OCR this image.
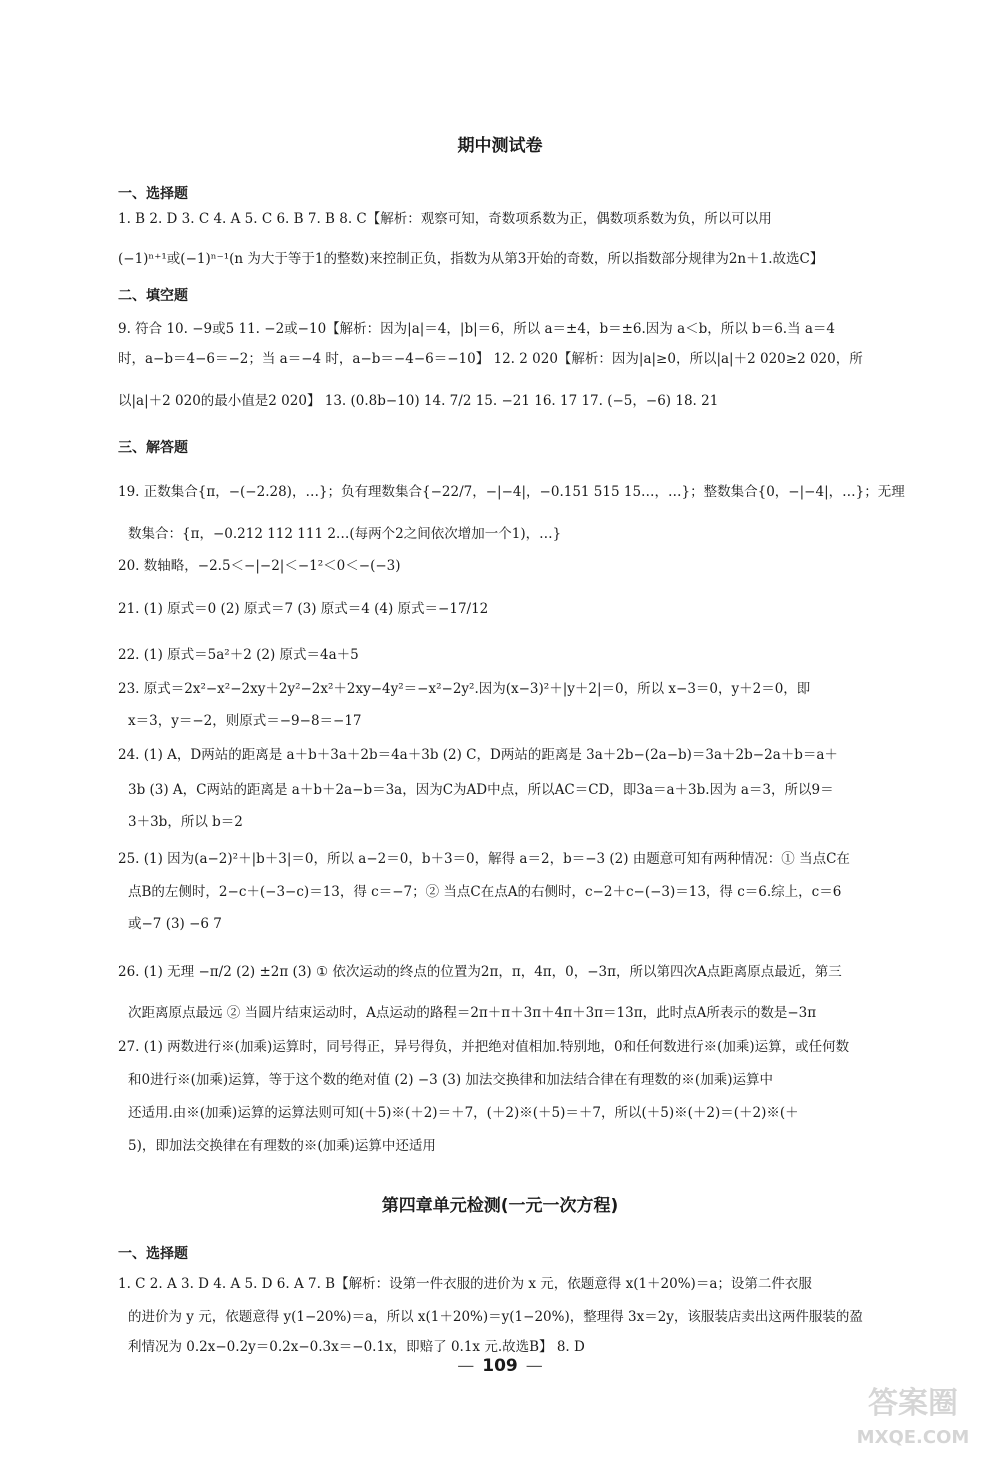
期中测试卷
一、选择题
1. B 2. D 3. C 4. A 5. C 6. B 7. B 8. C【解析：观察可知，奇数项系数为正，偶数项系数为负，所以可以用
(−1)ⁿ⁺¹或(−1)ⁿ⁻¹(n 为大于等于1的整数)来控制正负，指数为从第3开始的奇数，所以指数部分规律为2n＋1.故选C】
二、填空题
9. 符合 10. −9或5 11. −2或−10【解析：因为|a|＝4，|b|＝6，所以 a＝±4，b＝±6.因为 a＜b，所以 b＝6.当 a＝4
时，a−b＝4−6＝−2；当 a＝−4 时，a−b＝−4−6＝−10】 12. 2 020【解析：因为|a|≥0，所以|a|＋2 020≥2 020，所
以|a|＋2 020的最小值是2 020】 13. (0.8b−10) 14. 7/2 15. −21 16. 17 17. (−5，−6) 18. 21
三、解答题
19. 正数集合{π，−(−2.28)，…}；负有理数集合{−22/7，−|−4|，−0.151 515 15…，…}；整数集合{0，−|−4|，…}；无理
数集合：{π，−0.212 112 111 2…(每两个2之间依次增加一个1)，…}
20. 数轴略，−2.5＜−|−2|＜−1²＜0＜−(−3)
21. (1) 原式＝0 (2) 原式＝7 (3) 原式＝4 (4) 原式＝−17/12
22. (1) 原式＝5a²＋2 (2) 原式＝4a＋5
23. 原式＝2x²−x²−2xy＋2y²−2x²＋2xy−4y²＝−x²−2y².因为(x−3)²＋|y＋2|＝0，所以 x−3＝0，y＋2＝0，即
x＝3，y＝−2，则原式＝−9−8＝−17
24. (1) A，D两站的距离是 a＋b＋3a＋2b＝4a＋3b (2) C，D两站的距离是 3a＋2b−(2a−b)＝3a＋2b−2a＋b＝a＋
3b (3) A，C两站的距离是 a＋b＋2a−b＝3a，因为C为AD中点，所以AC＝CD，即3a＝a＋3b.因为 a＝3，所以9＝
3＋3b，所以 b＝2
25. (1) 因为(a−2)²＋|b＋3|＝0，所以 a−2＝0，b＋3＝0，解得 a＝2，b＝−3 (2) 由题意可知有两种情况：① 当点C在
点B的左侧时，2−c＋(−3−c)＝13，得 c＝−7；② 当点C在点A的右侧时，c−2＋c−(−3)＝13，得 c＝6.综上，c＝6
或−7 (3) −6 7
26. (1) 无理 −π/2 (2) ±2π (3) ① 依次运动的终点的位置为2π，π，4π，0，−3π，所以第四次A点距离原点最近，第三
次距离原点最远 ② 当圆片结束运动时，A点运动的路程＝2π＋π＋3π＋4π＋3π＝13π，此时点A所表示的数是−3π
27. (1) 两数进行※(加乘)运算时，同号得正，异号得负，并把绝对值相加.特别地，0和任何数进行※(加乘)运算，或任何数
和0进行※(加乘)运算，等于这个数的绝对值 (2) −3 (3) 加法交换律和加法结合律在有理数的※(加乘)运算中
还适用.由※(加乘)运算的运算法则可知(＋5)※(＋2)＝＋7，(＋2)※(＋5)＝＋7，所以(＋5)※(＋2)＝(＋2)※(＋
5)，即加法交换律在有理数的※(加乘)运算中还适用
第四章单元检测(一元一次方程)
一、选择题
1. C 2. A 3. D 4. A 5. D 6. A 7. B【解析：设第一件衣服的进价为 x 元，依题意得 x(1＋20%)＝a；设第二件衣服
的进价为 y 元，依题意得 y(1−20%)＝a，所以 x(1＋20%)＝y(1−20%)，整理得 3x＝2y，该服装店卖出这两件服装的盈
利情况为 0.2x−0.2y＝0.2x−0.3x＝−0.1x，即赔了 0.1x 元.故选B】 8. D
— 109 —
答案圈
MXQE.COM
